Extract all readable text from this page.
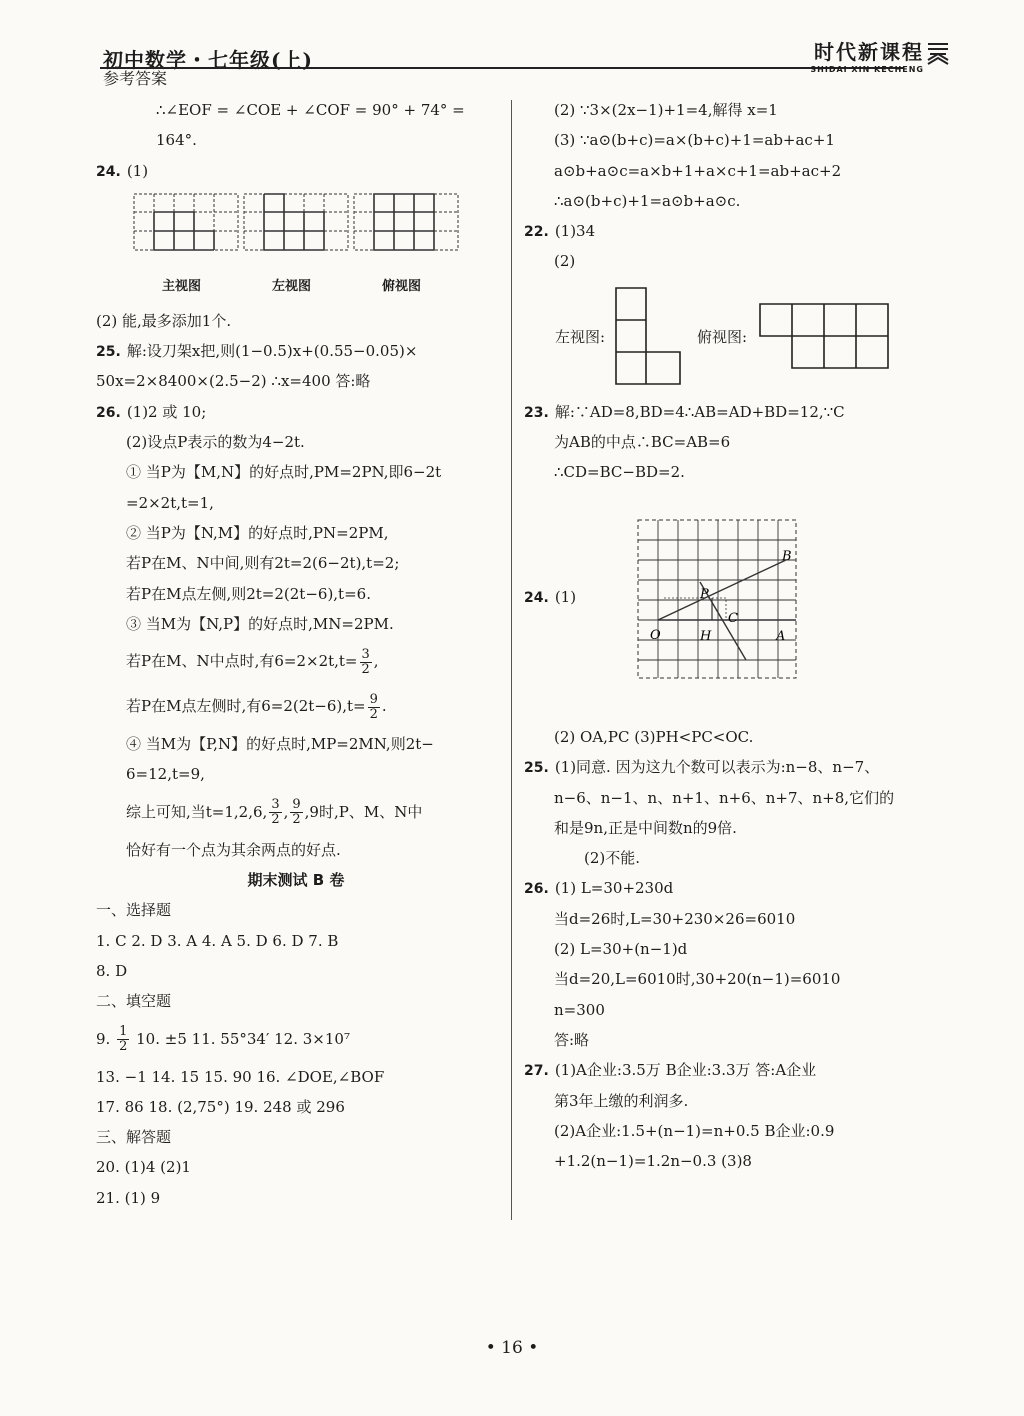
初中数学・七年级(上)
参考答案
时代新课程
SHIDAI XIN KECHENG
∴∠EOF = ∠COE + ∠COF = 90° + 74° =
164°.
24. (1)
(2) 能,最多添加1个.
25. 解:设刀架x把,则(1−0.5)x+(0.55−0.05)×
50x=2×8400×(2.5−2) ∴x=400 答:略
26. (1)2 或 10;
(2)设点P表示的数为4−2t.
① 当P为【M,N】的好点时,PM=2PN,即6−2t
=2×2t,t=1,
② 当P为【N,M】的好点时,PN=2PM,
若P在M、N中间,则有2t=2(6−2t),t=2;
若P在M点左侧,则2t=2(2t−6),t=6.
③ 当M为【N,P】的好点时,MN=2PM.
若P在M、N中点时,有$6=2\times 2t,t= \frac{3}{2}$ ,
若P在M点左侧时,有$6=2(2t-6),t= \frac{9}{2}$ .
④ 当M为【P,N】的好点时,MP=2MN,则2t−
6=12,t=9,
综上可知,当t=1,2,6, $\frac{3}{2}$ , $\frac{9}{2} ,9$时,P、M、N中
恰好有一个点为其余两点的好点.
期末测试 B 卷
一、选择题
1. C 2. D 3. A 4. A 5. D 6. D 7. B
8. D
二、填空题
9. $\frac{1}{2} 10$. ±5 11. 55°34′ 12. 3×10⁷
13. −1 14. 15 15. 90 16. ∠DOE,∠BOF
17. 86 18. (2,75°) 19. 248 或 296
三、解答题
20. (1)4 (2)1
21. (1) 9
主视图	左视图	俯视图
(2) ∵3×(2x−1)+1=4,解得 x=1
(3) ∵a⊙(b+c)=a×(b+c)+1=ab+ac+1
a⊙b+a⊙c=a×b+1+a×c+1=ab+ac+2
∴a⊙(b+c)+1=a⊙b+a⊙c.
22. (1)34
(2)
23. 解:∵AD=8,BD=4∴AB=AD+BD=12,∵C
为AB的中点∴BC=AB=6
∴CD=BC−BD=2.
左视图:	俯视图:
24. (1)
B
P
C
O	H	A
(2) OA,PC (3)PH<PC<OC.
25. (1)同意. 因为这九个数可以表示为:n−8、n−7、
n−6、n−1、n、n+1、n+6、n+7、n+8,它们的
和是9n,正是中间数n的9倍.
(2)不能.
26. (1) L=30+230d
当d=26时,L=30+230×26=6010
(2) L=30+(n−1)d
当d=20,L=6010时,30+20(n−1)=6010
n=300
答:略
27. (1)A企业:3.5万 B企业:3.3万 答:A企业
第3年上缴的利润多.
(2)A企业:1.5+(n−1)=n+0.5 B企业:0.9
+1.2(n−1)=1.2n−0.3 (3)8
• 16 •
